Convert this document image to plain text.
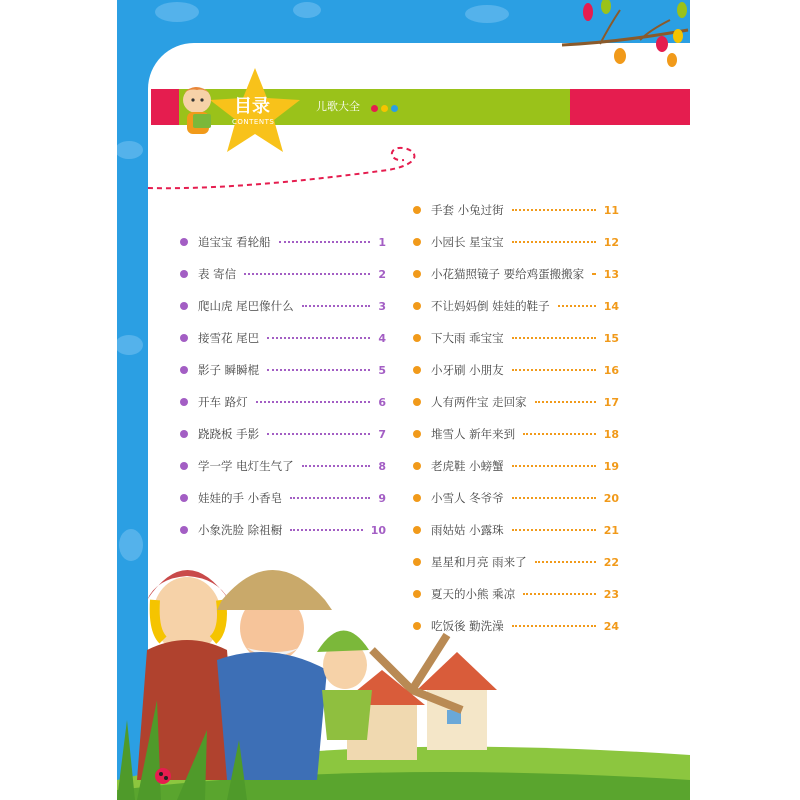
儿歌大全
目录
CONTENTS
追宝宝 看轮船	1
表 寄信	2
爬山虎 尾巴像什么	3
接雪花 尾巴	4
影子 瞬瞬棍	5
开车 路灯	6
跷跷板 手影	7
学一学 电灯生气了	8
娃娃的手 小香皂	9
小象洗脸 除祖橱	10
手套 小兔过街	11
小园长 星宝宝	12
小花猫照镜子 要给鸡蛋搬搬家 13
不让妈妈倒 娃娃的鞋子	14
下大雨 乖宝宝	15
小牙刷 小朋友	16
人有两件宝 走回家	17
堆雪人 新年来到	18
老虎鞋 小螃蟹	19
小雪人 冬爷爷	20
雨姑姑 小露珠	21
星星和月亮 雨来了	22
夏天的小熊 乘凉	23
吃饭後 勤洗澡	24
